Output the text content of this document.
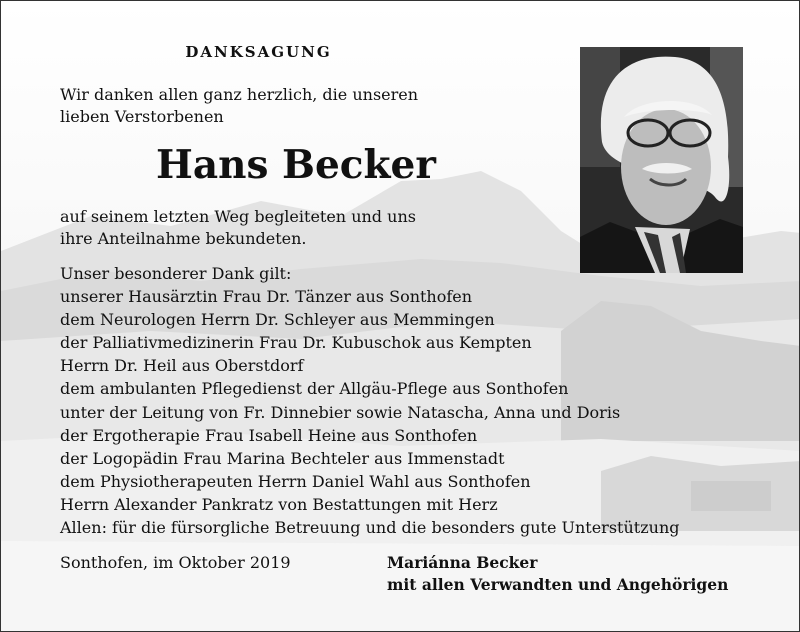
DANKSAGUNG
Wir danken allen ganz herzlich, die unseren
lieben Verstorbenen
Hans Becker
auf seinem letzten Weg begleiteten und uns
ihre Anteilnahme bekundeten.
Unser besonderer Dank gilt:
unserer Hausärztin Frau Dr. Tänzer aus Sonthofen
dem Neurologen Herrn Dr. Schleyer aus Memmingen
der Palliativmedizinerin Frau Dr. Kubuschok aus Kempten
Herrn Dr. Heil aus Oberstdorf
dem ambulanten Pflegedienst der Allgäu-Pflege aus Sonthofen
unter der Leitung von Fr. Dinnebier sowie Natascha, Anna und Doris
der Ergotherapie Frau Isabell Heine aus Sonthofen
der Logopädin Frau Marina Bechteler aus Immenstadt
dem Physiotherapeuten Herrn Daniel Wahl aus Sonthofen
Herrn Alexander Pankratz von Bestattungen mit Herz
Allen: für die fürsorgliche Betreuung und die besonders gute Unterstützung
Sonthofen, im Oktober 2019	Mariánna Becker
mit allen Verwandten und Angehörigen
